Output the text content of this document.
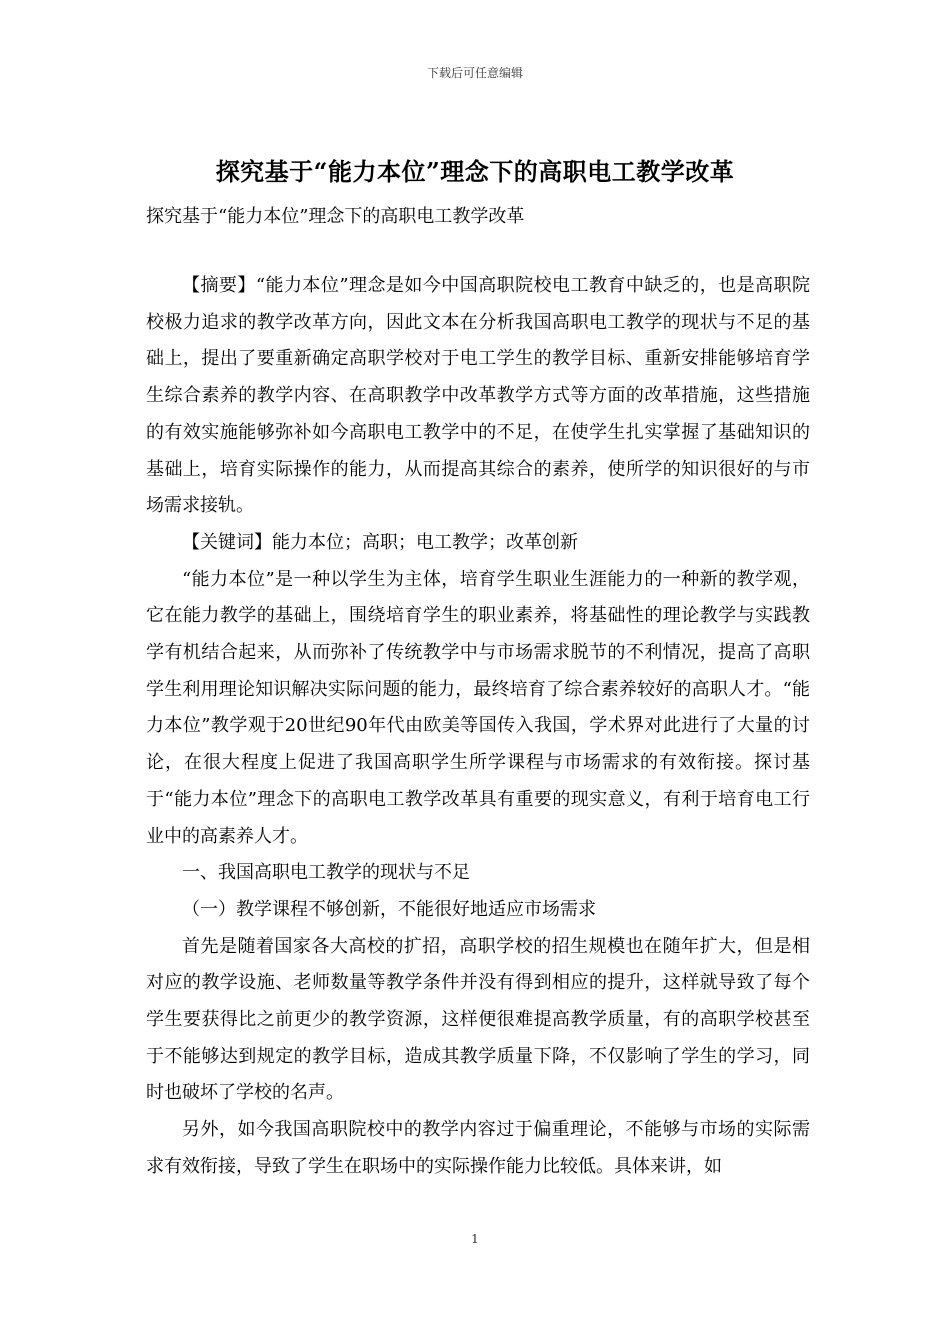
下载后可任意编辑
探究基于“能力本位”理念下的高职电工教学改革
探究基于“能力本位”理念下的高职电工教学改革

【摘要】“能力本位”理念是如今中国高职院校电工教育中缺乏的，也是高职院校极力追求的教学改革方向，因此文本在分析我国高职电工教学的现状与不足的基础上，提出了要重新确定高职学校对于电工学生的教学目标、重新安排能够培育学生综合素养的教学内容、在高职教学中改革教学方式等方面的改革措施，这些措施的有效实施能够弥补如今高职电工教学中的不足，在使学生扎实掌握了基础知识的基础上，培育实际操作的能力，从而提高其综合的素养，使所学的知识很好的与市场需求接轨。

【关键词】能力本位；高职；电工教学；改革创新

“能力本位”是一种以学生为主体，培育学生职业生涯能力的一种新的教学观，它在能力教学的基础上，围绕培育学生的职业素养，将基础性的理论教学与实践教学有机结合起来，从而弥补了传统教学中与市场需求脱节的不利情况，提高了高职学生利用理论知识解决实际问题的能力，最终培育了综合素养较好的高职人才。“能力本位”教学观于20世纪90年代由欧美等国传入我国，学术界对此进行了大量的讨论，在很大程度上促进了我国高职学生所学课程与市场需求的有效衔接。探讨基于“能力本位”理念下的高职电工教学改革具有重要的现实意义，有利于培育电工行业中的高素养人才。

一、我国高职电工教学的现状与不足

（一）教学课程不够创新，不能很好地适应市场需求

首先是随着国家各大高校的扩招，高职学校的招生规模也在随年扩大，但是相对应的教学设施、老师数量等教学条件并没有得到相应的提升，这样就导致了每个学生要获得比之前更少的教学资源，这样便很难提高教学质量，有的高职学校甚至于不能够达到规定的教学目标，造成其教学质量下降，不仅影响了学生的学习，同时也破坏了学校的名声。

另外，如今我国高职院校中的教学内容过于偏重理论，不能够与市场的实际需求有效衔接，导致了学生在职场中的实际操作能力比较低。具体来讲，如

1
